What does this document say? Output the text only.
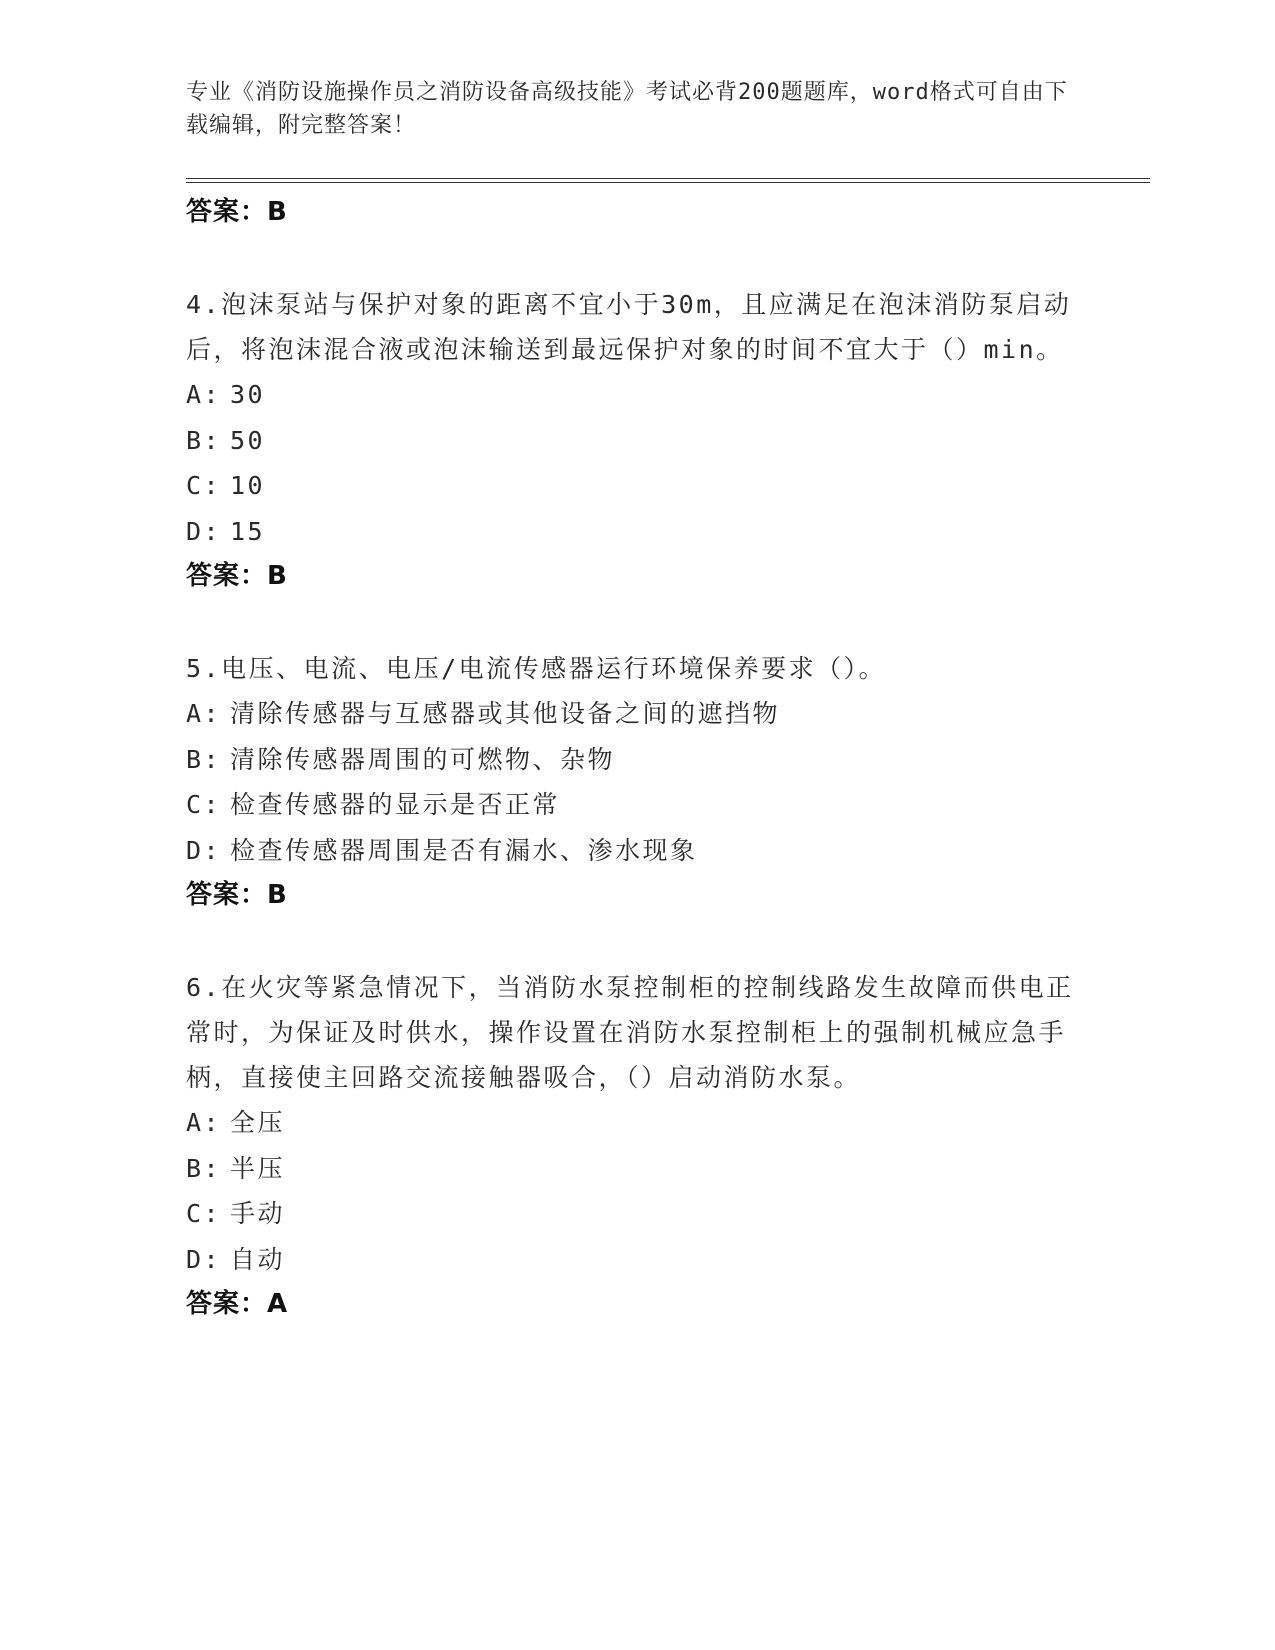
专业《消防设施操作员之消防设备高级技能》考试必背200题题库，word格式可自由下载编辑，附完整答案！
答案：B
4.泡沫泵站与保护对象的距离不宜小于30m，且应满足在泡沫消防泵启动后，将泡沫混合液或泡沫输送到最远保护对象的时间不宜大于（）min。
A: 30
B: 50
C: 10
D: 15
答案：B
5.电压、电流、电压/电流传感器运行环境保养要求（）。
A: 清除传感器与互感器或其他设备之间的遮挡物
B: 清除传感器周围的可燃物、杂物
C: 检查传感器的显示是否正常
D: 检查传感器周围是否有漏水、渗水现象
答案：B
6.在火灾等紧急情况下，当消防水泵控制柜的控制线路发生故障而供电正常时，为保证及时供水，操作设置在消防水泵控制柜上的强制机械应急手柄，直接使主回路交流接触器吸合，（）启动消防水泵。
A: 全压
B: 半压
C: 手动
D: 自动
答案：A
